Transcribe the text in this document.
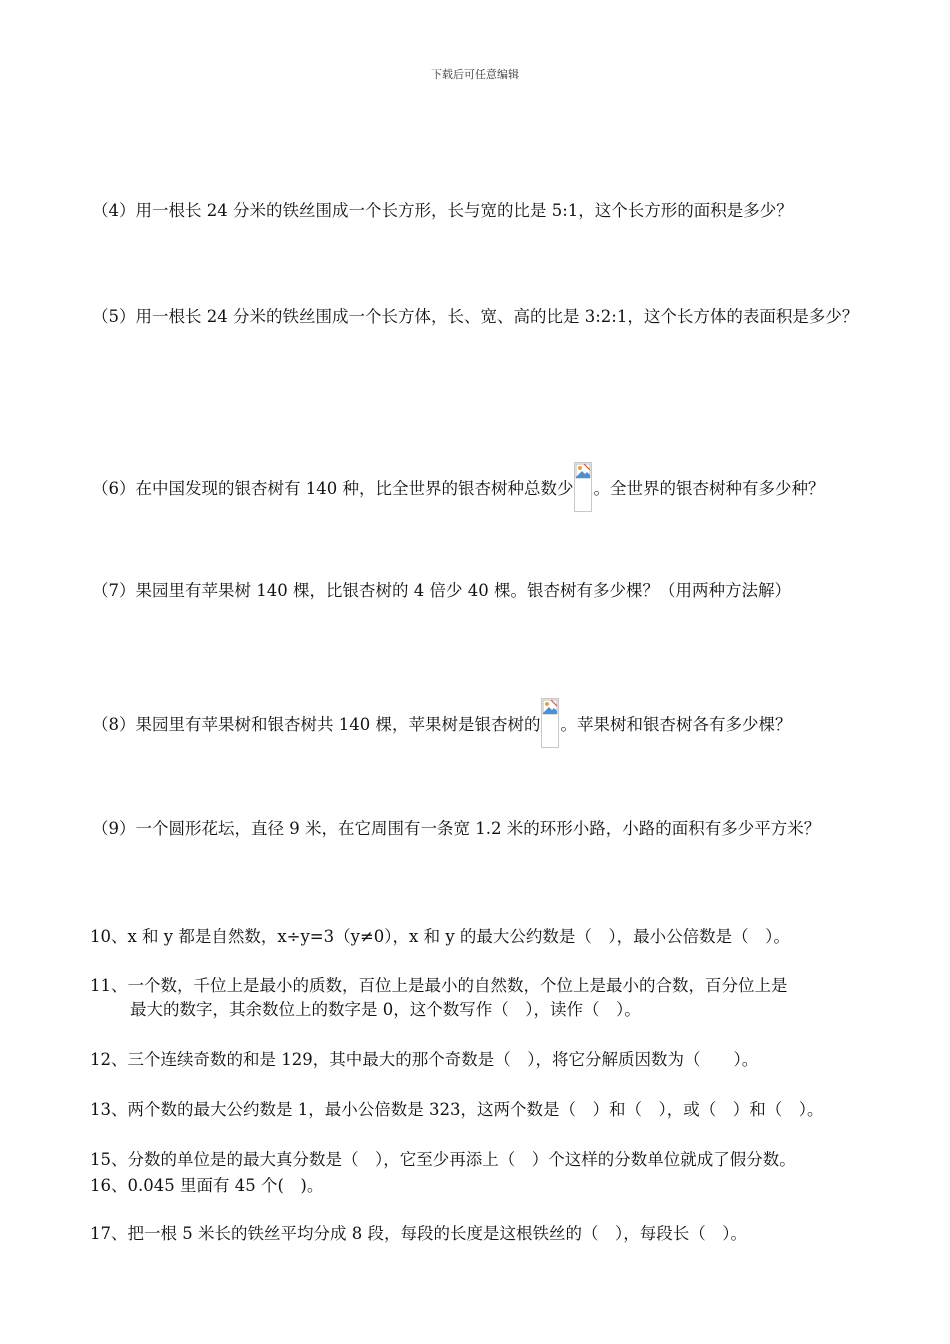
下载后可任意编辑
（4）用一根长 24 分米的铁丝围成一个长方形，长与宽的比是 5:1，这个长方形的面积是多少？
（5）用一根长 24 分米的铁丝围成一个长方体，长、宽、高的比是 3:2:1，这个长方体的表面积是多少？
（6）在中国发现的银杏树有 140 种，比全世界的银杏树种总数少 。全世界的银杏树种有多少种？
（7）果园里有苹果树 140 棵，比银杏树的 4 倍少 40 棵。银杏树有多少棵？（用两种方法解）
（8）果园里有苹果树和银杏树共 140 棵，苹果树是银杏树的 。苹果树和银杏树各有多少棵？
（9）一个圆形花坛，直径 9 米，在它周围有一条宽 1.2 米的环形小路，小路的面积有多少平方米？
10、x 和 y 都是自然数，x÷y=3（y≠0），x 和 y 的最大公约数是（　），最小公倍数是（　）。
11、一个数，千位上是最小的质数，百位上是最小的自然数，个位上是最小的合数，百分位上是
最大的数字，其余数位上的数字是 0，这个数写作（　），读作（　）。
12、三个连续奇数的和是 129，其中最大的那个奇数是（　），将它分解质因数为（　　）。
13、两个数的最大公约数是 1，最小公倍数是 323，这两个数是（　）和（　），或（　）和（　）。
15、分数的单位是的最大真分数是（　），它至少再添上（　）个这样的分数单位就成了假分数。
16、0.045 里面有 45 个(　)。
17、把一根 5 米长的铁丝平均分成 8 段，每段的长度是这根铁丝的（　），每段长（　）。
